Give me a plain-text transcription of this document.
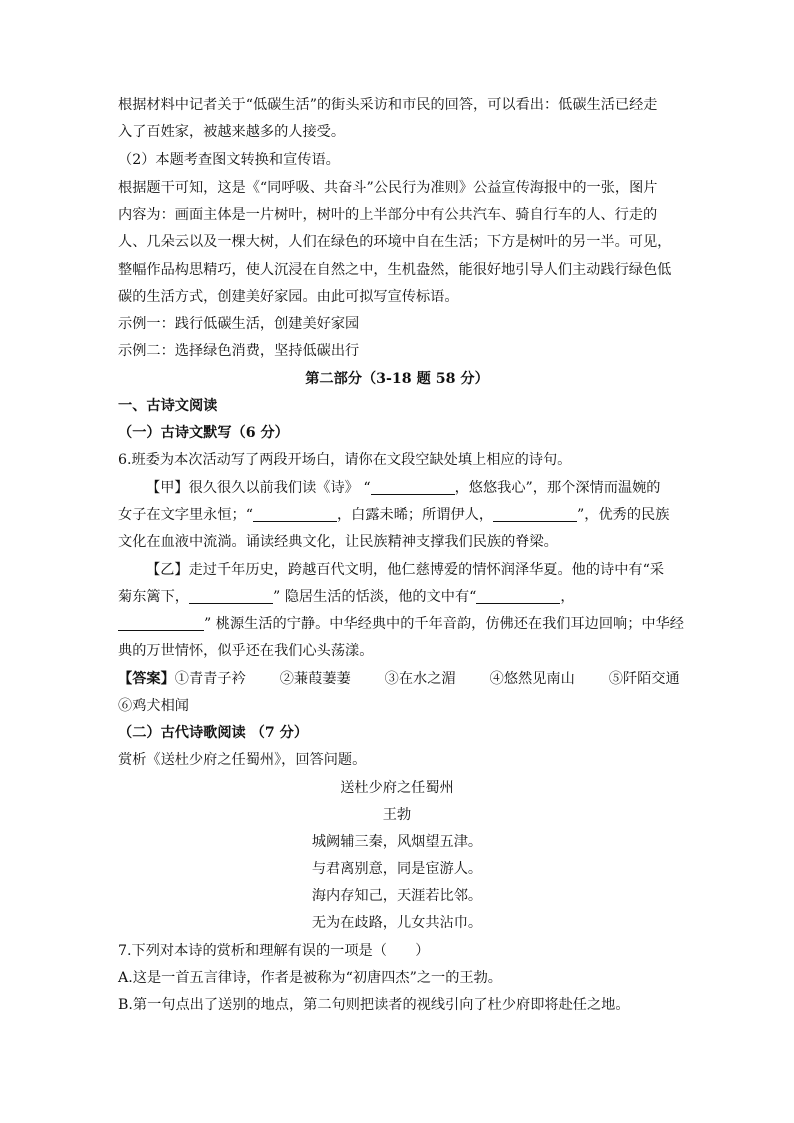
根据材料中记者关于“低碳生活”的街头采访和市民的回答，可以看出：低碳生活已经走
入了百姓家，被越来越多的人接受。
（2）本题考查图文转换和宣传语。
根据题干可知，这是《“同呼吸、共奋斗”公民行为准则》公益宣传海报中的一张，图片
内容为：画面主体是一片树叶，树叶的上半部分中有公共汽车、骑自行车的人、行走的
人、几朵云以及一棵大树，人们在绿色的环境中自在生活；下方是树叶的另一半。可见，
整幅作品构思精巧，使人沉浸在自然之中，生机盎然，能很好地引导人们主动践行绿色低
碳的生活方式，创建美好家园。由此可拟写宣传标语。
示例一：践行低碳生活，创建美好家园
示例二：选择绿色消费，坚持低碳出行
第二部分（3-18 题 58 分）
一、古诗文阅读
（一）古诗文默写（6 分）
6.班委为本次活动写了两段开场白，请你在文段空缺处填上相应的诗句。
【甲】很久很久以前我们读《诗》 “	，悠悠我心”，那个深情而温婉的
女子在文字里永恒；“	，白露未晞；所谓伊人，	”，优秀的民族
文化在血液中流淌。诵读经典文化，让民族精神支撑我们民族的脊梁。
【乙】走过千年历史，跨越百代文明，他仁慈博爱的情怀润泽华夏。他的诗中有“采
菊东篱下，	” 隐居生活的恬淡，他的文中有“	，
” 桃源生活的宁静。中华经典中的千年音韵，仿佛还在我们耳边回响；中华经
典的万世情怀，似乎还在我们心头荡漾。
【答案】①青青子衿 ②蒹葭萋萋 ③在水之湄 ④悠然见南山 ⑤阡陌交通
⑥鸡犬相闻
（二）古代诗歌阅读 （7 分）
赏析《送杜少府之任蜀州》，回答问题。
送杜少府之任蜀州
王勃
城阙辅三秦，风烟望五津。
与君离别意，同是宦游人。
海内存知己，天涯若比邻。
无为在歧路，儿女共沾巾。
7.下列对本诗的赏析和理解有误的一项是（　　）
A.这是一首五言律诗，作者是被称为“初唐四杰”之一的王勃。
B.第一句点出了送别的地点，第二句则把读者的视线引向了杜少府即将赴任之地。
